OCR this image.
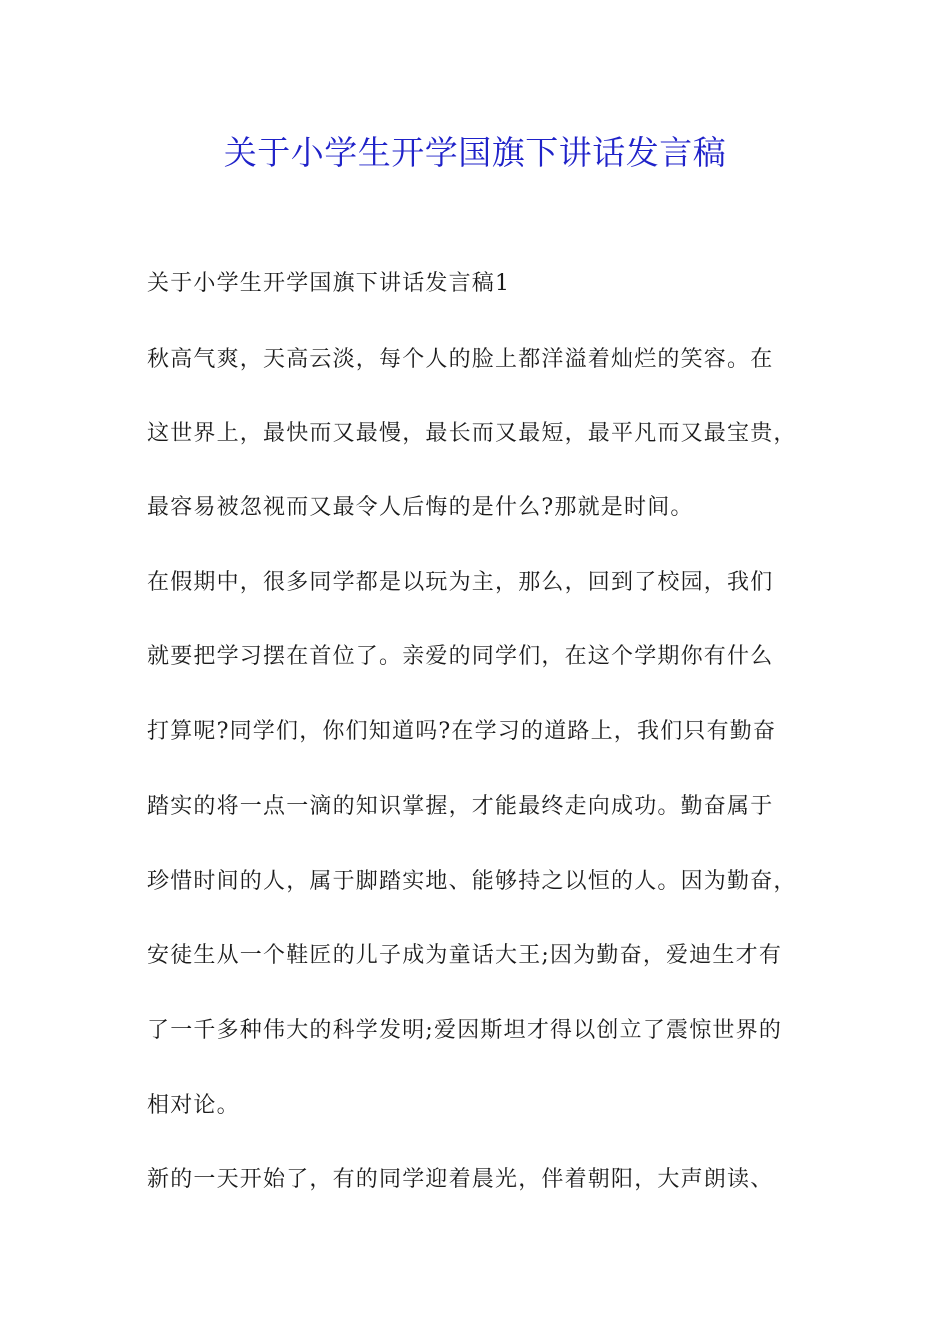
关于小学生开学国旗下讲话发言稿

关于小学生开学国旗下讲话发言稿1

秋高气爽，天高云淡，每个人的脸上都洋溢着灿烂的笑容。在

这世界上，最快而又最慢，最长而又最短，最平凡而又最宝贵，

最容易被忽视而又最令人后悔的是什么?那就是时间。

在假期中，很多同学都是以玩为主，那么，回到了校园，我们

就要把学习摆在首位了。亲爱的同学们，在这个学期你有什么

打算呢?同学们，你们知道吗?在学习的道路上，我们只有勤奋

踏实的将一点一滴的知识掌握，才能最终走向成功。勤奋属于

珍惜时间的人，属于脚踏实地、能够持之以恒的人。因为勤奋，

安徒生从一个鞋匠的儿子成为童话大王;因为勤奋，爱迪生才有

了一千多种伟大的科学发明;爱因斯坦才得以创立了震惊世界的

相对论。

新的一天开始了，有的同学迎着晨光，伴着朝阳，大声朗读、
